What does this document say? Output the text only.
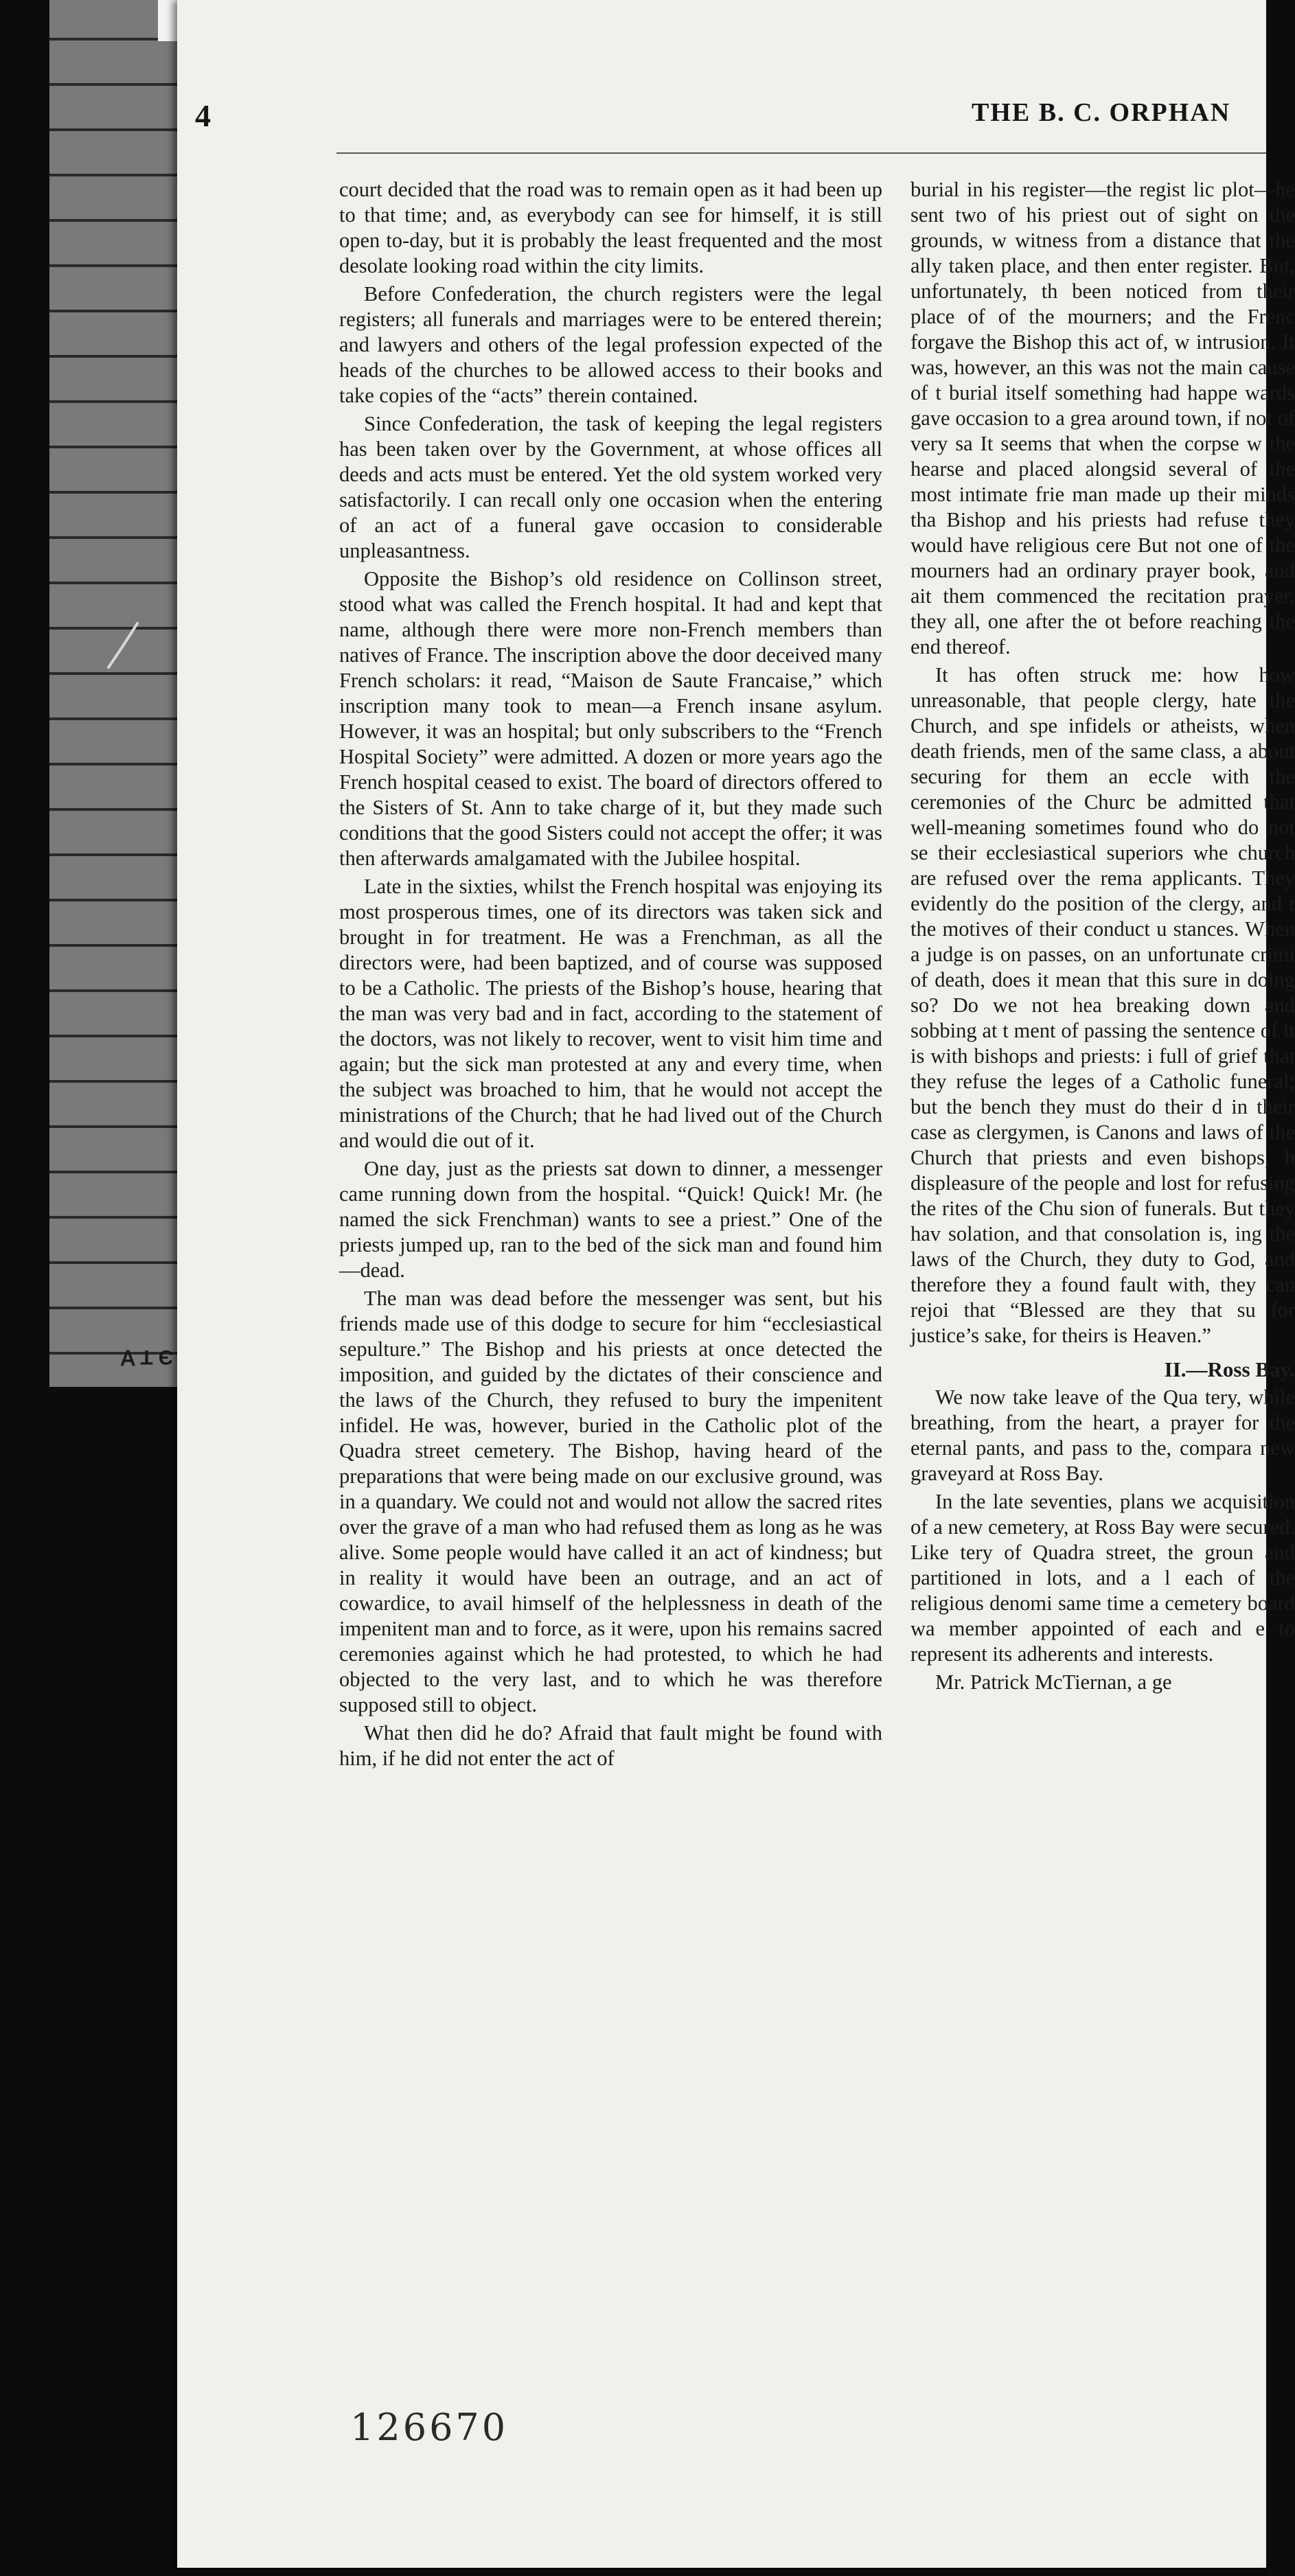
ЭТ∀
4	THE B. C. ORPHAN

court decided that the road was to remain open as it had been up to that time; and, as everybody can see for himself, it is still open to-day, but it is probably the least frequented and the most desolate looking road within the city limits.

Before Confederation, the church registers were the legal registers; all funerals and marriages were to be entered therein; and lawyers and others of the legal profession expected of the heads of the churches to be allowed access to their books and take copies of the “acts” therein contained.

Since Confederation, the task of keeping the legal registers has been taken over by the Government, at whose offices all deeds and acts must be entered. Yet the old system worked very satisfactorily. I can recall only one occasion when the entering of an act of a funeral gave occasion to considerable unpleasantness.

Opposite the Bishop’s old residence on Collinson street, stood what was called the French hospital. It had and kept that name, although there were more non-French members than natives of France. The inscription above the door deceived many French scholars: it read, “Maison de Saute Francaise,” which inscription many took to mean—a French insane asylum. However, it was an hospital; but only subscribers to the “French Hospital Society” were admitted. A dozen or more years ago the French hospital ceased to exist. The board of directors offered to the Sisters of St. Ann to take charge of it, but they made such conditions that the good Sisters could not accept the offer; it was then afterwards amalgamated with the Jubilee hospital.

Late in the sixties, whilst the French hospital was enjoying its most prosperous times, one of its directors was taken sick and brought in for treatment. He was a Frenchman, as all the directors were, had been baptized, and of course was supposed to be a Catholic. The priests of the Bishop’s house, hearing that the man was very bad and in fact, according to the statement of the doctors, was not likely to recover, went to visit him time and again; but the sick man protested at any and every time, when the subject was broached to him, that he would not accept the ministrations of the Church; that he had lived out of the Church and would die out of it.

One day, just as the priests sat down to dinner, a messenger came running down from the hospital. “Quick! Quick! Mr. (he named the sick Frenchman) wants to see a priest.” One of the priests jumped up, ran to the bed of the sick man and found him—dead.

The man was dead before the messenger was sent, but his friends made use of this dodge to secure for him “ecclesiastical sepulture.” The Bishop and his priests at once detected the imposition, and guided by the dictates of their conscience and the laws of the Church, they refused to bury the impenitent infidel. He was, however, buried in the Catholic plot of the Quadra street cemetery. The Bishop, having heard of the preparations that were being made on our exclusive ground, was in a quandary. We could not and would not allow the sacred rites over the grave of a man who had refused them as long as he was alive. Some people would have called it an act of kindness; but in reality it would have been an outrage, and an act of cowardice, to avail himself of the helplessness in death of the impenitent man and to force, as it were, upon his remains sacred ceremonies against which he had protested, to which he had objected to the very last, and to which he was therefore supposed still to object.

What then did he do? Afraid that fault might be found with him, if he did not enter the act of

burial in his register—the regist lic plot—he sent two of his priest out of sight on the grounds, w witness from a distance that the ally taken place, and then enter register. But, unfortunately, th been noticed from their place of of the mourners; and the Frenc forgave the Bishop this act of, w intrusion. It was, however, an this was not the main cause of t burial itself something had happe wards gave occasion to a grea around town, if not of very sa It seems that when the corpse w the hearse and placed alongsid several of the most intimate frie man made up their minds tha Bishop and his priests had refuse they would have religious cere But not one of the mourners had an ordinary prayer book, and ait them commenced the recitation prayer, they all, one after the ot before reaching the end thereof.

It has often struck me: how how unreasonable, that people clergy, hate the Church, and spe infidels or atheists, when death friends, men of the same class, a about securing for them an eccle with the ceremonies of the Churc be admitted that well-meaning sometimes found who do not se their ecclesiastical superiors whe church are refused over the rema applicants. They evidently do the position of the clergy, and t the motives of their conduct u stances. When a judge is on passes, on an unfortunate crimi of death, does it mean that this sure in doing so? Do we not hea breaking down and sobbing at t ment of passing the sentence of it is with bishops and priests: i full of grief that they refuse the leges of a Catholic funeral; but the bench they must do their d in their case as clergymen, is Canons and laws of the Church that priests and even bishops, h displeasure of the people and lost for refusing the rites of the Chu sion of funerals. But they hav solation, and that consolation is, ing the laws of the Church, they duty to God, and therefore they a found fault with, they can rejoi that “Blessed are they that su for justice’s sake, for theirs is Heaven.”

II.—Ross Bay.

We now take leave of the Qua tery, while breathing, from the heart, a prayer for the eternal pants, and pass to the, compara new graveyard at Ross Bay.

In the late seventies, plans we acquisition of a new cemetery, at Ross Bay were secured. Like tery of Quadra street, the groun and partitioned in lots, and a l each of the religious denomi same time a cemetery board wa member appointed of each and e to represent its adherents and interests.

Mr. Patrick McTiernan, a ge

126670
